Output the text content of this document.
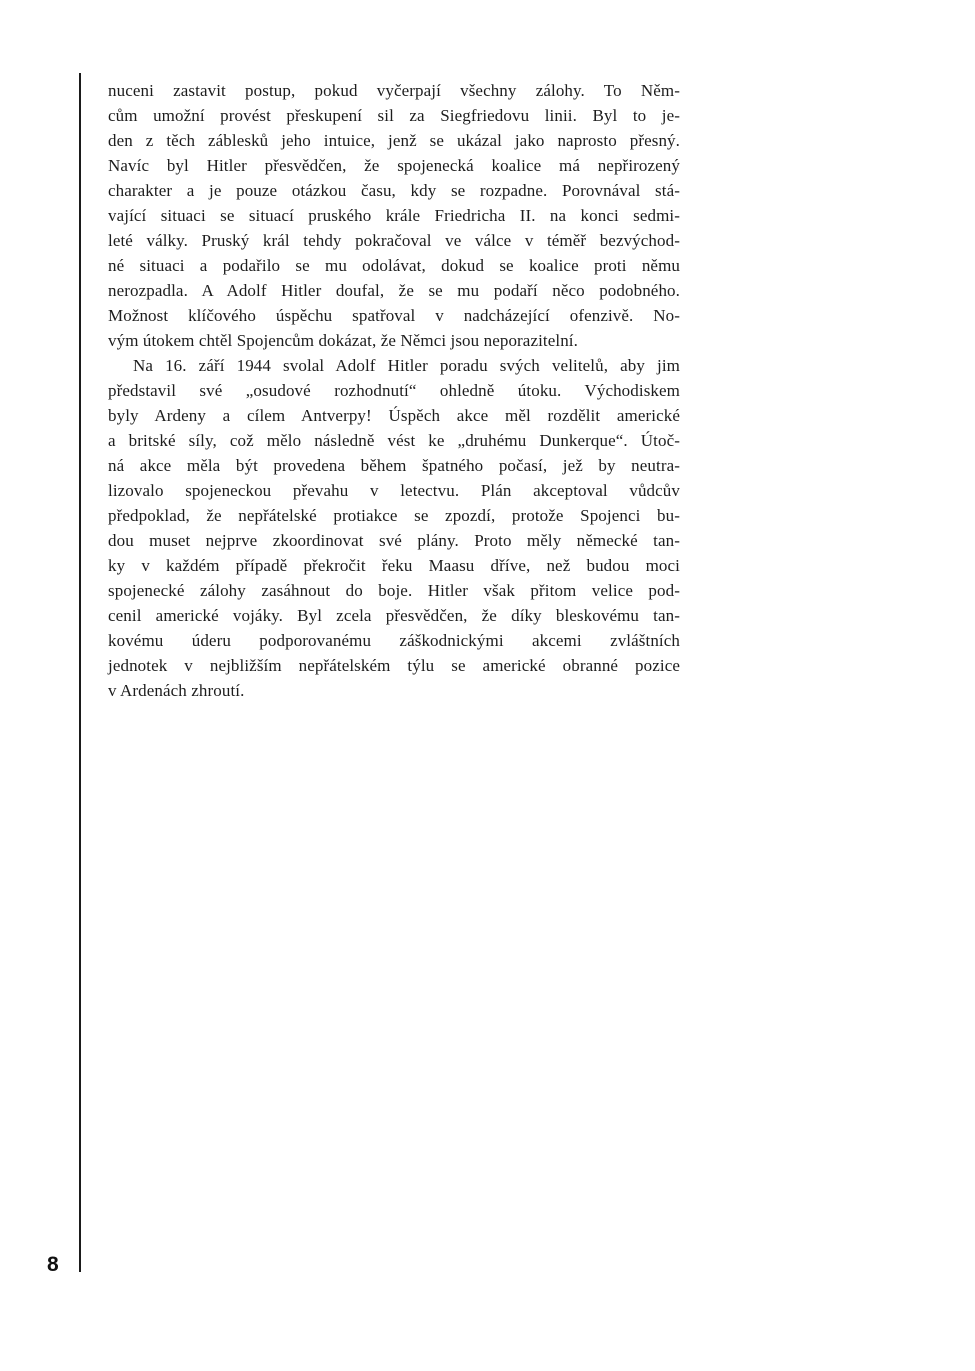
nuceni zastavit postup, pokud vyčerpají všechny zálohy. To Něm-
cům umožní provést přeskupení sil za Siegfriedovu linii. Byl to je-
den z těch záblesků jeho intuice, jenž se ukázal jako naprosto přesný.
Navíc byl Hitler přesvědčen, že spojenecká koalice má nepřirozený
charakter a je pouze otázkou času, kdy se rozpadne. Porovnával stá-
vající situaci se situací pruského krále Friedricha II. na konci sedmi-
leté války. Pruský král tehdy pokračoval ve válce v téměř bezvýchod-
né situaci a podařilo se mu odolávat, dokud se koalice proti němu
nerozpadla. A Adolf Hitler doufal, že se mu podaří něco podobného.
Možnost klíčového úspěchu spatřoval v nadcházející ofenzivě. No-
vým útokem chtěl Spojencům dokázat, že Němci jsou neporazitelní.
Na 16. září 1944 svolal Adolf Hitler poradu svých velitelů, aby jim
představil své „osudové rozhodnutí“ ohledně útoku. Východiskem
byly Ardeny a cílem Antverpy! Úspěch akce měl rozdělit americké
a britské síly, což mělo následně vést ke „druhému Dunkerque“. Útoč-
ná akce měla být provedena během špatného počasí, jež by neutra-
lizovalo spojeneckou převahu v letectvu. Plán akceptoval vůdcův
předpoklad, že nepřátelské protiakce se zpozdí, protože Spojenci bu-
dou muset nejprve zkoordinovat své plány. Proto měly německé tan-
ky v každém případě překročit řeku Maasu dříve, než budou moci
spojenecké zálohy zasáhnout do boje. Hitler však přitom velice pod-
cenil americké vojáky. Byl zcela přesvědčen, že díky bleskovému tan-
kovému úderu podporovanému záškodnickými akcemi zvláštních
jednotek v nejbližším nepřátelském týlu se americké obranné pozice
v Ardenách zhroutí.
8
